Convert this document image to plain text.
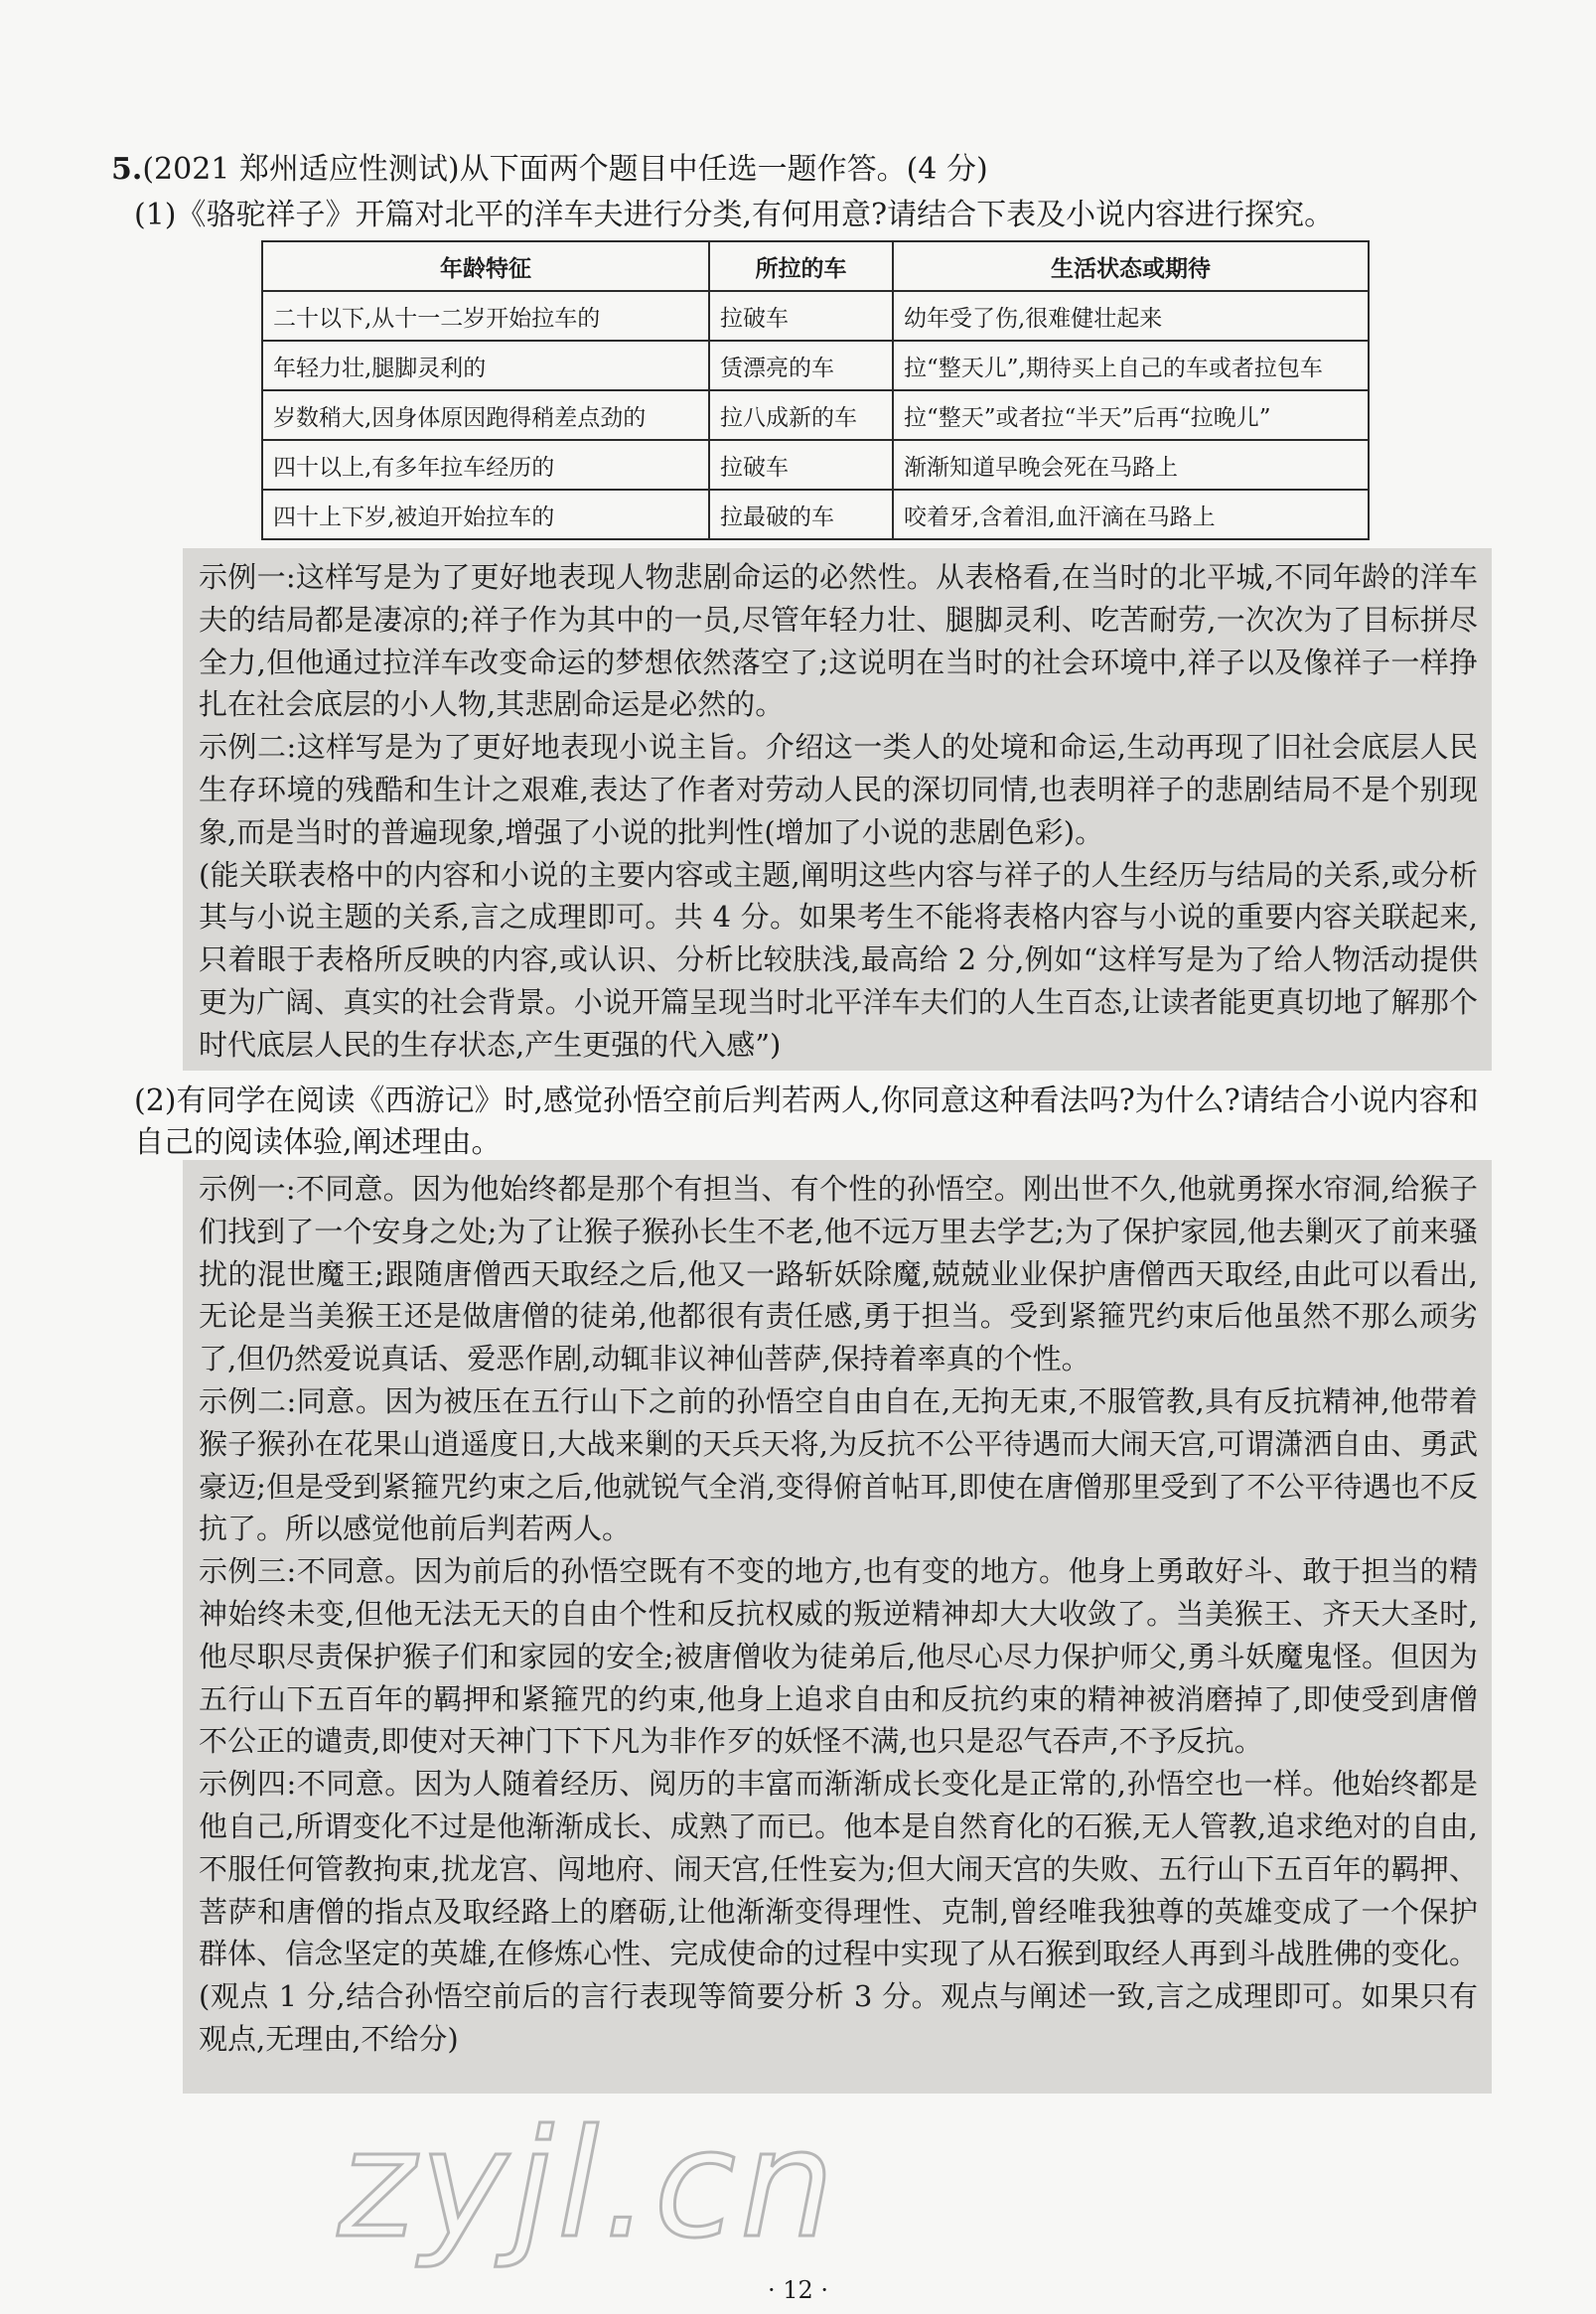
5.(2021 郑州适应性测试)从下面两个题目中任选一题作答。(4 分)
(1)《骆驼祥子》开篇对北平的洋车夫进行分类,有何用意?请结合下表及小说内容进行探究。
年龄特征	所拉的车	生活状态或期待
二十以下,从十一二岁开始拉车的	拉破车	幼年受了伤,很难健壮起来
年轻力壮,腿脚灵利的	赁漂亮的车	拉“整天儿”,期待买上自己的车或者拉包车
岁数稍大,因身体原因跑得稍差点劲的	拉八成新的车	拉“整天”或者拉“半天”后再“拉晚儿”
四十以上,有多年拉车经历的	拉破车	渐渐知道早晚会死在马路上
四十上下岁,被迫开始拉车的	拉最破的车	咬着牙,含着泪,血汗滴在马路上

示例一:这样写是为了更好地表现人物悲剧命运的必然性。从表格看,在当时的北平城,不同年龄的洋车夫的结局都是凄凉的;祥子作为其中的一员,尽管年轻力壮、腿脚灵利、吃苦耐劳,一次次为了目标拼尽全力,但他通过拉洋车改变命运的梦想依然落空了;这说明在当时的社会环境中,祥子以及像祥子一样挣扎在社会底层的小人物,其悲剧命运是必然的。

示例二:这样写是为了更好地表现小说主旨。介绍这一类人的处境和命运,生动再现了旧社会底层人民生存环境的残酷和生计之艰难,表达了作者对劳动人民的深切同情,也表明祥子的悲剧结局不是个别现象,而是当时的普遍现象,增强了小说的批判性(增加了小说的悲剧色彩)。

(能关联表格中的内容和小说的主要内容或主题,阐明这些内容与祥子的人生经历与结局的关系,或分析其与小说主题的关系,言之成理即可。共 4 分。如果考生不能将表格内容与小说的重要内容关联起来,只着眼于表格所反映的内容,或认识、分析比较肤浅,最高给 2 分,例如“这样写是为了给人物活动提供更为广阔、真实的社会背景。小说开篇呈现当时北平洋车夫们的人生百态,让读者能更真切地了解那个时代底层人民的生存状态,产生更强的代入感”)

(2)有同学在阅读《西游记》时,感觉孙悟空前后判若两人,你同意这种看法吗?为什么?请结合小说内容和自己的阅读体验,阐述理由。

示例一:不同意。因为他始终都是那个有担当、有个性的孙悟空。刚出世不久,他就勇探水帘洞,给猴子们找到了一个安身之处;为了让猴子猴孙长生不老,他不远万里去学艺;为了保护家园,他去剿灭了前来骚扰的混世魔王;跟随唐僧西天取经之后,他又一路斩妖除魔,兢兢业业保护唐僧西天取经,由此可以看出,无论是当美猴王还是做唐僧的徒弟,他都很有责任感,勇于担当。受到紧箍咒约束后他虽然不那么顽劣了,但仍然爱说真话、爱恶作剧,动辄非议神仙菩萨,保持着率真的个性。

示例二:同意。因为被压在五行山下之前的孙悟空自由自在,无拘无束,不服管教,具有反抗精神,他带着猴子猴孙在花果山逍遥度日,大战来剿的天兵天将,为反抗不公平待遇而大闹天宫,可谓潇洒自由、勇武豪迈;但是受到紧箍咒约束之后,他就锐气全消,变得俯首帖耳,即使在唐僧那里受到了不公平待遇也不反抗了。所以感觉他前后判若两人。

示例三:不同意。因为前后的孙悟空既有不变的地方,也有变的地方。他身上勇敢好斗、敢于担当的精神始终未变,但他无法无天的自由个性和反抗权威的叛逆精神却大大收敛了。当美猴王、齐天大圣时,他尽职尽责保护猴子们和家园的安全;被唐僧收为徒弟后,他尽心尽力保护师父,勇斗妖魔鬼怪。但因为五行山下五百年的羁押和紧箍咒的约束,他身上追求自由和反抗约束的精神被消磨掉了,即使受到唐僧不公正的谴责,即使对天神门下下凡为非作歹的妖怪不满,也只是忍气吞声,不予反抗。

示例四:不同意。因为人随着经历、阅历的丰富而渐渐成长变化是正常的,孙悟空也一样。他始终都是他自己,所谓变化不过是他渐渐成长、成熟了而已。他本是自然育化的石猴,无人管教,追求绝对的自由,不服任何管教拘束,扰龙宫、闯地府、闹天宫,任性妄为;但大闹天宫的失败、五行山下五百年的羁押、菩萨和唐僧的指点及取经路上的磨砺,让他渐渐变得理性、克制,曾经唯我独尊的英雄变成了一个保护群体、信念坚定的英雄,在修炼心性、完成使命的过程中实现了从石猴到取经人再到斗战胜佛的变化。(观点 1 分,结合孙悟空前后的言行表现等简要分析 3 分。观点与阐述一致,言之成理即可。如果只有观点,无理由,不给分)

zyjl.cn
· 12 ·
